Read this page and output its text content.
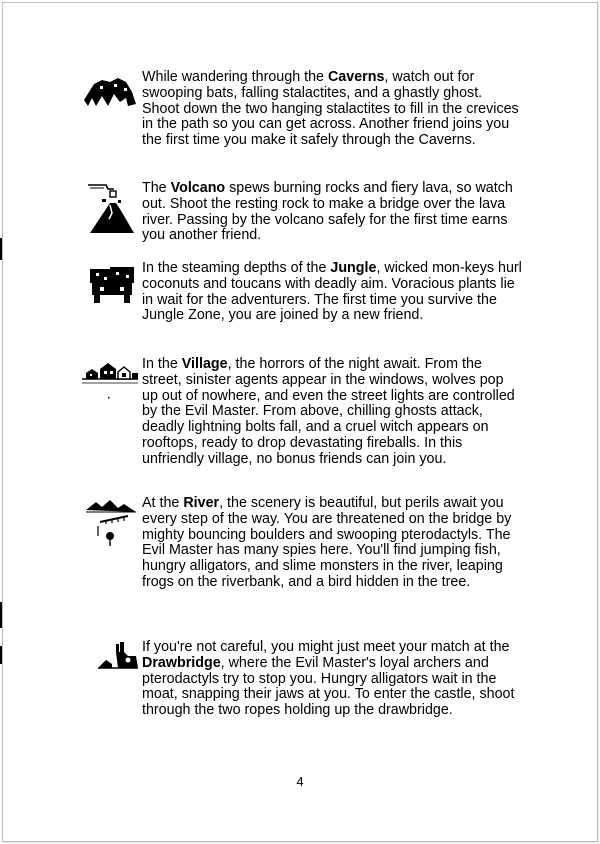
While wandering through the Caverns, watch out for swooping bats, falling stalactites, and a ghastly ghost. Shoot down the two hanging stalactites to fill in the crevices in the path so you can get across. Another friend joins you the first time you make it safely through the Caverns.

The Volcano spews burning rocks and fiery lava, so watch out. Shoot the resting rock to make a bridge over the lava river. Passing by the volcano safely for the first time earns you another friend.

In the steaming depths of the Jungle, wicked mon-keys hurl coconuts and toucans with deadly aim. Voracious plants lie in wait for the adventurers. The first time you survive the Jungle Zone, you are joined by a new friend.

In the Village, the horrors of the night await. From the street, sinister agents appear in the windows, wolves pop up out of nowhere, and even the street lights are controlled by the Evil Master. From above, chilling ghosts attack, deadly lightning bolts fall, and a cruel witch appears on rooftops, ready to drop devastating fireballs. In this unfriendly village, no bonus friends can join you.

At the River, the scenery is beautiful, but perils await you every step of the way. You are threatened on the bridge by mighty bouncing boulders and swooping pterodactyls. The Evil Master has many spies here. You'll find jumping fish, hungry alligators, and slime monsters in the river, leaping frogs on the riverbank, and a bird hidden in the tree.

If you're not careful, you might just meet your match at the Drawbridge, where the Evil Master's loyal archers and pterodactyls try to stop you. Hungry alligators wait in the moat, snapping their jaws at you. To enter the castle, shoot through the two ropes holding up the drawbridge.

4
